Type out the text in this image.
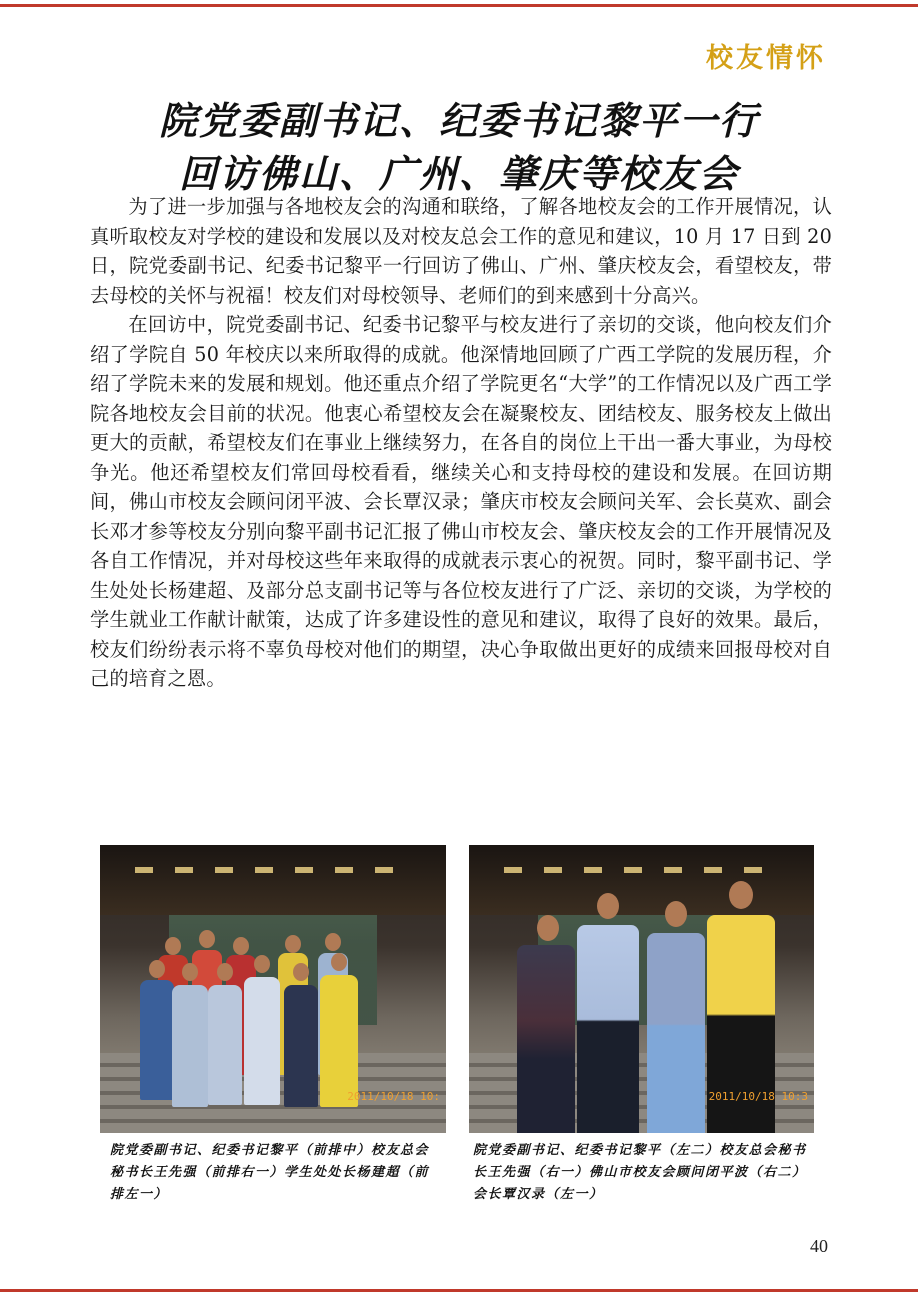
校友情怀
院党委副书记、纪委书记黎平一行
回访佛山、广州、肇庆等校友会

为了进一步加强与各地校友会的沟通和联络，了解各地校友会的工作开展情况，认真听取校友对学校的建设和发展以及对校友总会工作的意见和建议，10 月 17 日到 20 日，院党委副书记、纪委书记黎平一行回访了佛山、广州、肇庆校友会，看望校友，带去母校的关怀与祝福！校友们对母校领导、老师们的到来感到十分高兴。

在回访中，院党委副书记、纪委书记黎平与校友进行了亲切的交谈，他向校友们介绍了学院自 50 年校庆以来所取得的成就。他深情地回顾了广西工学院的发展历程，介绍了学院未来的发展和规划。他还重点介绍了学院更名“大学”的工作情况以及广西工学院各地校友会目前的状况。他衷心希望校友会在凝聚校友、团结校友、服务校友上做出更大的贡献，希望校友们在事业上继续努力，在各自的岗位上干出一番大事业，为母校争光。他还希望校友们常回母校看看，继续关心和支持母校的建设和发展。在回访期间，佛山市校友会顾问闭平波、会长覃汉录；肇庆市校友会顾问关军、会长莫欢、副会长邓才参等校友分别向黎平副书记汇报了佛山市校友会、肇庆校友会的工作开展情况及各自工作情况，并对母校这些年来取得的成就表示衷心的祝贺。同时，黎平副书记、学生处处长杨建超、及部分总支副书记等与各位校友进行了广泛、亲切的交谈，为学校的学生就业工作献计献策，达成了许多建设性的意见和建议，取得了良好的效果。最后，校友们纷纷表示将不辜负母校对他们的期望，决心争取做出更好的成绩来回报母校对自己的培育之恩。

2011/10/18 10:	2011/10/18 10:3
院党委副书记、纪委书记黎平（前排中）校友总会秘书长王先强（前排右一）学生处处长杨建超（前排左一）
院党委副书记、纪委书记黎平（左二）校友总会秘书长王先强（右一）佛山市校友会顾问闭平波（右二）会长覃汉录（左一）
40
